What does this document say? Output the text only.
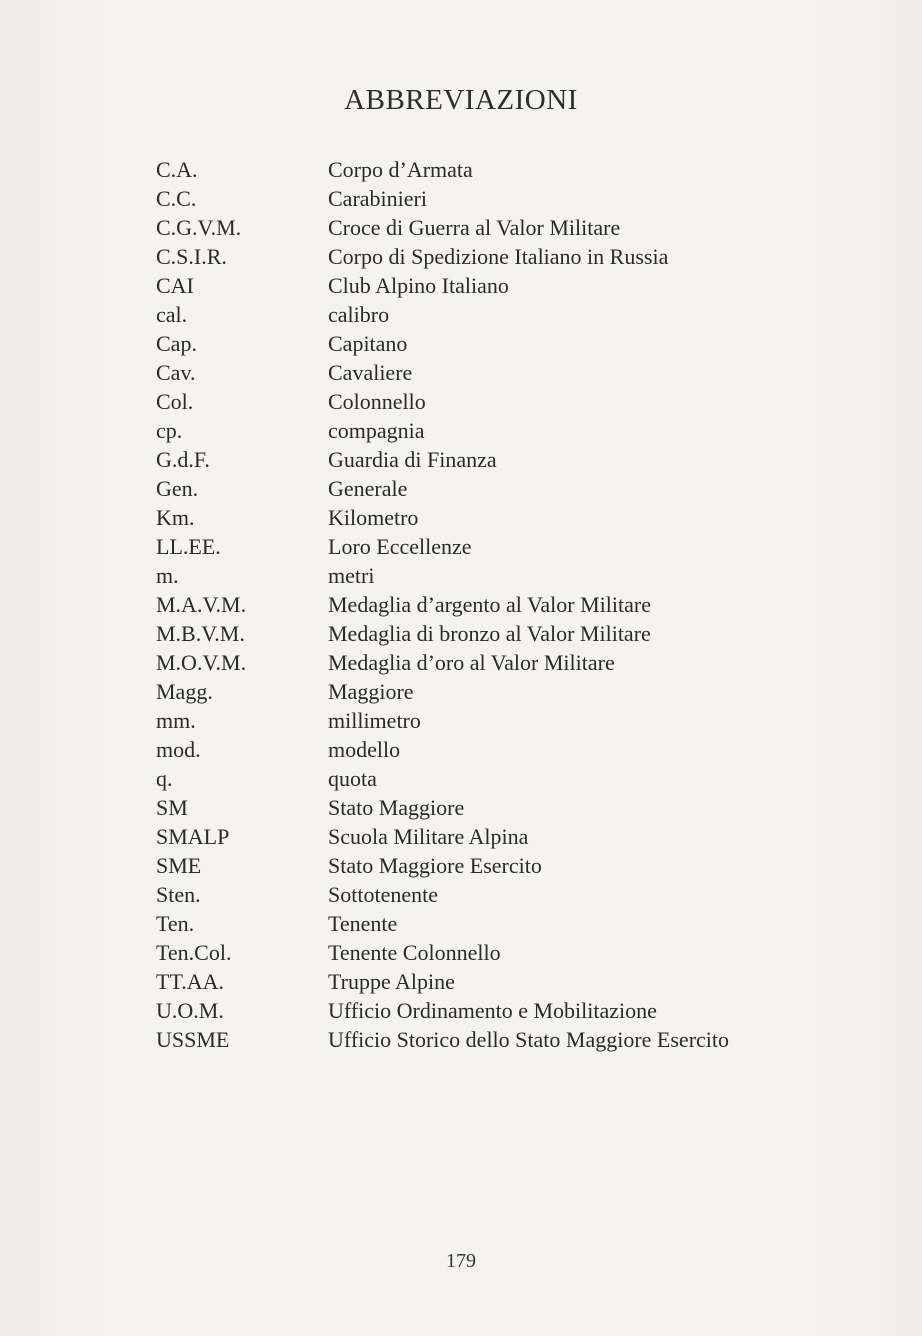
ABBREVIAZIONI
C.A.	Corpo d’Armata
C.C.	Carabinieri
C.G.V.M.	Croce di Guerra al Valor Militare
C.S.I.R.	Corpo di Spedizione Italiano in Russia
CAI	Club Alpino Italiano
cal.	calibro
Cap.	Capitano
Cav.	Cavaliere
Col.	Colonnello
cp.	compagnia
G.d.F.	Guardia di Finanza
Gen.	Generale
Km.	Kilometro
LL.EE.	Loro Eccellenze
m.	metri
M.A.V.M.	Medaglia d’argento al Valor Militare
M.B.V.M.	Medaglia di bronzo al Valor Militare
M.O.V.M.	Medaglia d’oro al Valor Militare
Magg.	Maggiore
mm.	millimetro
mod.	modello
q.	quota
SM	Stato Maggiore
SMALP	Scuola Militare Alpina
SME	Stato Maggiore Esercito
Sten.	Sottotenente
Ten.	Tenente
Ten.Col.	Tenente Colonnello
TT.AA.	Truppe Alpine
U.O.M.	Ufficio Ordinamento e Mobilitazione
USSME	Ufficio Storico dello Stato Maggiore Esercito
179
